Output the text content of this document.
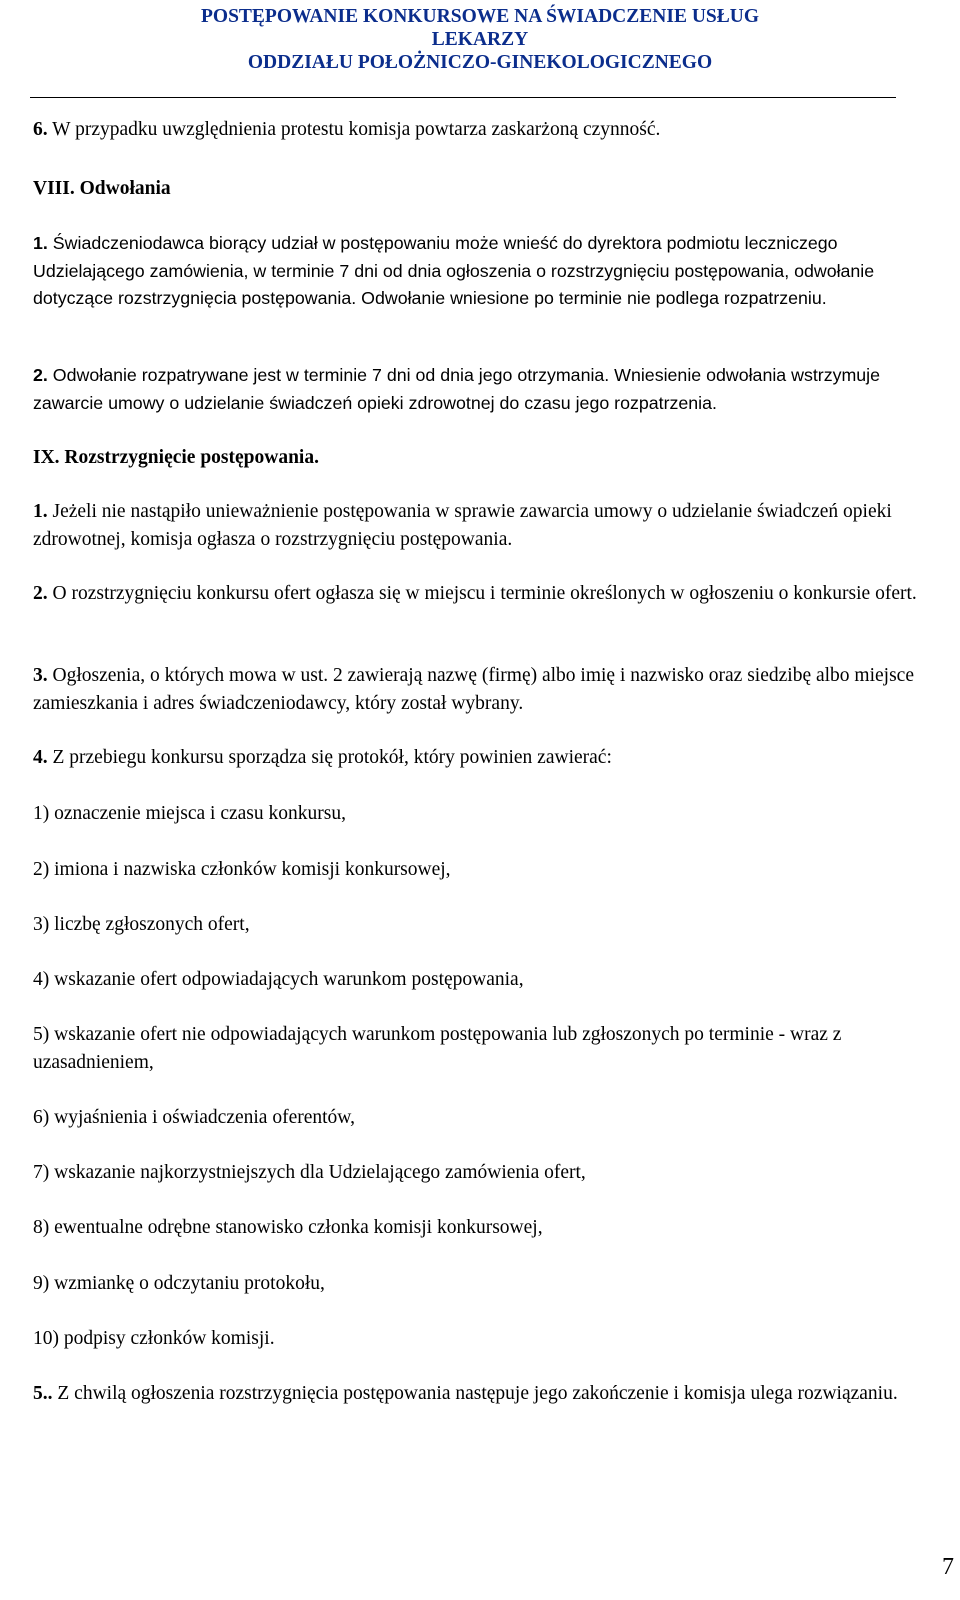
POSTĘPOWANIE KONKURSOWE NA ŚWIADCZENIE USŁUG
LEKARZY
ODDZIAŁU POŁOŻNICZO-GINEKOLOGICZNEGO
6. W przypadku uwzględnienia protestu komisja powtarza zaskarżoną czynność.
VIII. Odwołania
1. Świadczeniodawca biorący udział w postępowaniu może wnieść do dyrektora podmiotu leczniczego Udzielającego zamówienia, w terminie 7 dni od dnia ogłoszenia o rozstrzygnięciu postępowania, odwołanie dotyczące rozstrzygnięcia postępowania. Odwołanie wniesione po terminie nie podlega rozpatrzeniu.
2. Odwołanie rozpatrywane jest w terminie 7 dni od dnia jego otrzymania. Wniesienie odwołania wstrzymuje zawarcie umowy o udzielanie świadczeń opieki zdrowotnej do czasu jego rozpatrzenia.
IX. Rozstrzygnięcie postępowania.
1. Jeżeli nie nastąpiło unieważnienie postępowania w sprawie zawarcia umowy o udzielanie świadczeń opieki zdrowotnej, komisja ogłasza o rozstrzygnięciu postępowania.
2. O rozstrzygnięciu konkursu ofert ogłasza się w miejscu i terminie określonych w ogłoszeniu o konkursie ofert.
3. Ogłoszenia, o których mowa w ust. 2 zawierają nazwę (firmę) albo imię i nazwisko oraz siedzibę albo miejsce zamieszkania i adres świadczeniodawcy, który został wybrany.
4. Z przebiegu konkursu sporządza się protokół, który powinien zawierać:
1) oznaczenie miejsca i czasu konkursu,
2) imiona i nazwiska członków komisji konkursowej,
3) liczbę zgłoszonych ofert,
4) wskazanie ofert odpowiadających warunkom postępowania,
5) wskazanie ofert nie odpowiadających warunkom postępowania lub zgłoszonych po terminie - wraz z uzasadnieniem,
6) wyjaśnienia i oświadczenia oferentów,
7) wskazanie najkorzystniejszych dla Udzielającego zamówienia ofert,
8) ewentualne odrębne stanowisko członka komisji konkursowej,
9) wzmiankę o odczytaniu protokołu,
10) podpisy członków komisji.
5.. Z chwilą ogłoszenia rozstrzygnięcia postępowania następuje jego zakończenie i komisja ulega rozwiązaniu.
7
